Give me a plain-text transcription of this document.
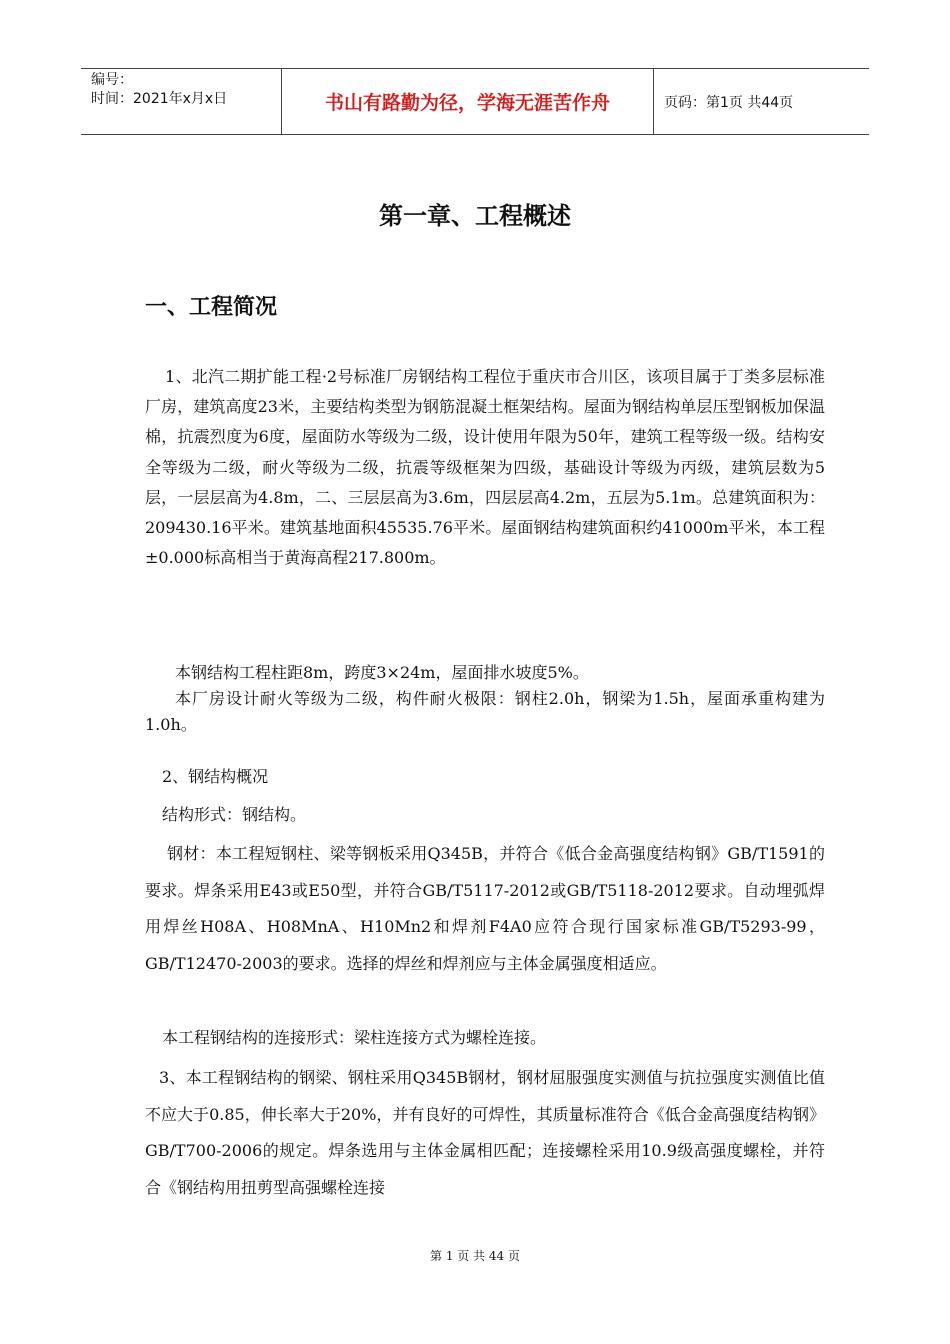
编号：
时间：2021年x月x日	书山有路勤为径，学海无涯苦作舟	页码：第1页 共44页
第一章、工程概述
一、工程简况

1、北汽二期扩能工程·2号标准厂房钢结构工程位于重庆市合川区，该项目属于丁类多层标准厂房，建筑高度23米，主要结构类型为钢筋混凝土框架结构。屋面为钢结构单层压型钢板加保温棉，抗震烈度为6度，屋面防水等级为二级，设计使用年限为50年，建筑工程等级一级。结构安全等级为二级，耐火等级为二级，抗震等级框架为四级，基础设计等级为丙级，建筑层数为5层，一层层高为4.8m，二、三层层高为3.6m，四层层高4.2m，五层为5.1m。总建筑面积为：209430.16平米。建筑基地面积45535.76平米。屋面钢结构建筑面积约41000m平米，本工程±0.000标高相当于黄海高程217.800m。

本钢结构工程柱距8m，跨度3×24m，屋面排水坡度5%。

本厂房设计耐火等级为二级，构件耐火极限：钢柱2.0h，钢梁为1.5h，屋面承重构建为1.0h。

2、钢结构概况

结构形式：钢结构。

钢材：本工程短钢柱、梁等钢板采用Q345B，并符合《低合金高强度结构钢》GB/T1591的要求。焊条采用E43或E50型，并符合GB/T5117-2012或GB/T5118-2012要求。自动埋弧焊用焊丝H08A、H08MnA、H10Mn2和焊剂F4A0应符合现行国家标准GB/T5293-99，GB/T12470-2003的要求。选择的焊丝和焊剂应与主体金属强度相适应。

本工程钢结构的连接形式：梁柱连接方式为螺栓连接。

3、本工程钢结构的钢梁、钢柱采用Q345B钢材，钢材屈服强度实测值与抗拉强度实测值比值不应大于0.85，伸长率大于20%，并有良好的可焊性，其质量标准符合《低合金高强度结构钢》GB/T700-2006的规定。焊条选用与主体金属相匹配；连接螺栓采用10.9级高强度螺栓，并符合《钢结构用扭剪型高强螺栓连接

第 1 页 共 44 页
